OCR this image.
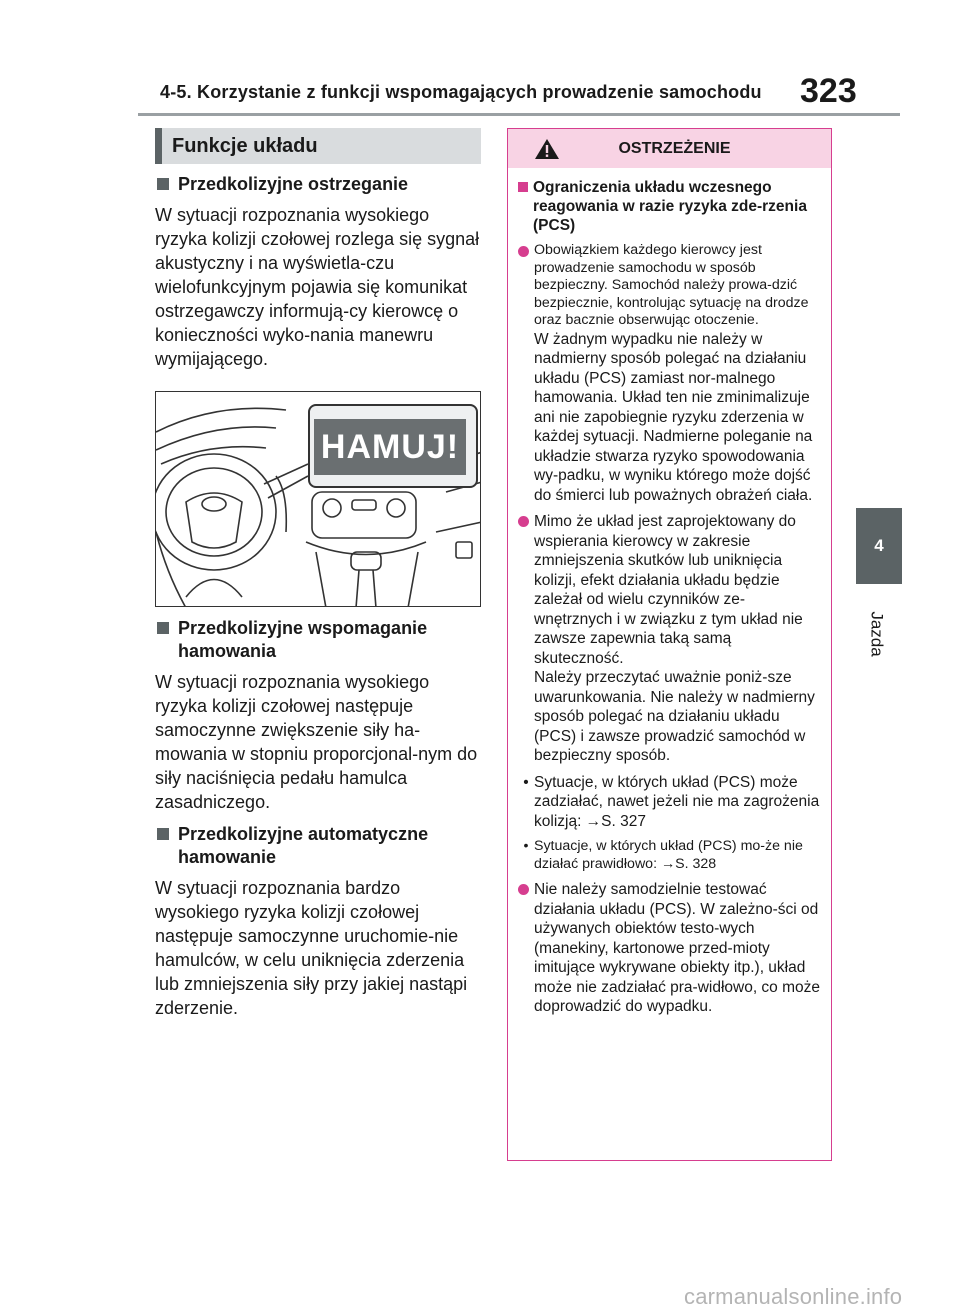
4-5. Korzystanie z funkcji wspomagających prowadzenie samochodu 323
4
Jazda
Funkcje układu
Przedkolizyjne ostrzeganie
W sytuacji rozpoznania wysokiego ryzyka kolizji czołowej rozlega się sygnał akustyczny i na wyświetla-czu wielofunkcyjnym pojawia się komunikat ostrzegawczy informują-cy kierowcę o konieczności wyko-nania manewru wymijającego.
HAMUJ!
Przedkolizyjne wspomaganie hamowania
W sytuacji rozpoznania wysokiego ryzyka kolizji czołowej następuje samoczynne zwiększenie siły ha-mowania w stopniu proporcjonal-nym do siły naciśnięcia pedału hamulca zasadniczego.
Przedkolizyjne automatyczne hamowanie
W sytuacji rozpoznania bardzo wysokiego ryzyka kolizji czołowej następuje samoczynne uruchomie-nie hamulców, w celu uniknięcia zderzenia lub zmniejszenia siły przy jakiej nastąpi zderzenie.
OSTRZEŻENIE
Ograniczenia układu wczesnego reagowania w razie ryzyka zde-rzenia (PCS)
Obowiązkiem każdego kierowcy jest prowadzenie samochodu w sposób bezpieczny. Samochód należy prowa-dzić bezpiecznie, kontrolując sytuację na drodze oraz bacznie obserwując otoczenie.
W żadnym wypadku nie należy w nadmierny sposób polegać na działaniu układu (PCS) zamiast nor-malnego hamowania. Układ ten nie zminimalizuje ani nie zapobiegnie ryzyku zderzenia w każdej sytuacji. Nadmierne poleganie na układzie stwarza ryzyko spowodowania wy-padku, w wyniku którego może dojść do śmierci lub poważnych obrażeń ciała.
Mimo że układ jest zaprojektowany do wspierania kierowcy w zakresie zmniejszenia skutków lub uniknięcia kolizji, efekt działania układu będzie zależał od wielu czynników ze-wnętrznych i w związku z tym układ nie zawsze zapewnia taką samą skuteczność.
Należy przeczytać uważnie poniż-sze uwarunkowania. Nie należy w nadmierny sposób polegać na działaniu układu (PCS) i zawsze prowadzić samochód w bezpieczny sposób.
• Sytuacje, w których układ (PCS) może zadziałać, nawet jeżeli nie ma zagrożenia kolizją: →S. 327
• Sytuacje, w których układ (PCS) mo-że nie działać prawidłowo: →S. 328
Nie należy samodzielnie testować działania układu (PCS). W zależno-ści od używanych obiektów testo-wych (manekiny, kartonowe przed-mioty imitujące wykrywane obiekty itp.), układ może nie zadziałać pra-widłowo, co może doprowadzić do wypadku.
carmanualsonline.info
